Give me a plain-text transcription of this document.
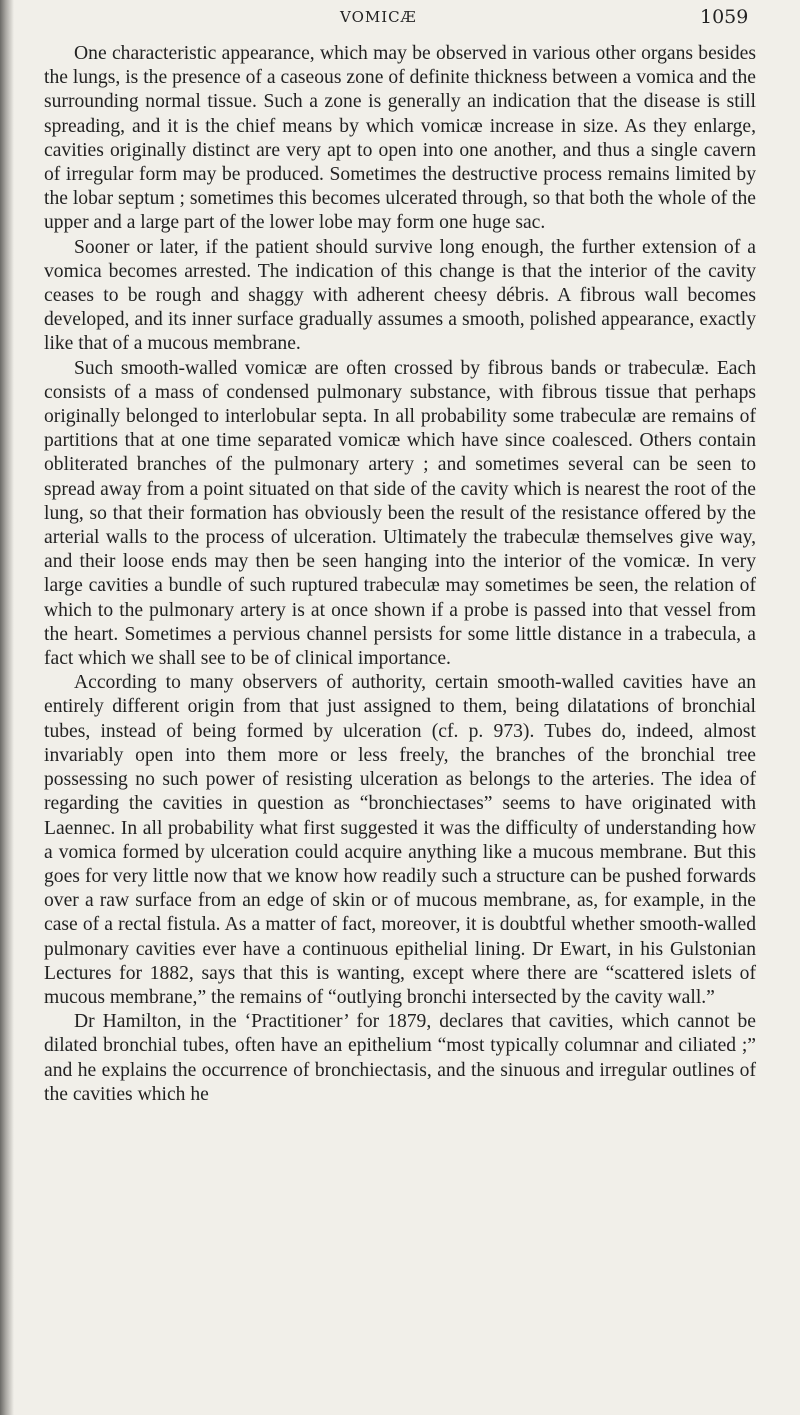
VOMICÆ	1059

One characteristic appearance, which may be observed in various other organs besides the lungs, is the presence of a caseous zone of definite thickness between a vomica and the surrounding normal tissue. Such a zone is generally an indication that the disease is still spreading, and it is the chief means by which vomicæ increase in size. As they enlarge, cavities originally distinct are very apt to open into one another, and thus a single cavern of irregular form may be produced. Sometimes the destructive process remains limited by the lobar septum ; sometimes this becomes ulcerated through, so that both the whole of the upper and a large part of the lower lobe may form one huge sac.

Sooner or later, if the patient should survive long enough, the further extension of a vomica becomes arrested. The indication of this change is that the interior of the cavity ceases to be rough and shaggy with adherent cheesy débris. A fibrous wall becomes developed, and its inner surface gradually assumes a smooth, polished appearance, exactly like that of a mucous membrane.

Such smooth-walled vomicæ are often crossed by fibrous bands or trabeculæ. Each consists of a mass of condensed pulmonary substance, with fibrous tissue that perhaps originally belonged to interlobular septa. In all probability some trabeculæ are remains of partitions that at one time separated vomicæ which have since coalesced. Others contain obliterated branches of the pulmonary artery ; and sometimes several can be seen to spread away from a point situated on that side of the cavity which is nearest the root of the lung, so that their formation has obviously been the result of the resistance offered by the arterial walls to the process of ulceration. Ultimately the trabeculæ themselves give way, and their loose ends may then be seen hanging into the interior of the vomicæ. In very large cavities a bundle of such ruptured trabeculæ may sometimes be seen, the relation of which to the pulmonary artery is at once shown if a probe is passed into that vessel from the heart. Sometimes a pervious channel persists for some little distance in a trabecula, a fact which we shall see to be of clinical importance.

According to many observers of authority, certain smooth-walled cavities have an entirely different origin from that just assigned to them, being dilatations of bronchial tubes, instead of being formed by ulceration (cf. p. 973). Tubes do, indeed, almost invariably open into them more or less freely, the branches of the bronchial tree possessing no such power of resisting ulceration as belongs to the arteries. The idea of regarding the cavities in question as “bronchiectases” seems to have originated with Laennec. In all probability what first suggested it was the difficulty of understanding how a vomica formed by ulceration could acquire anything like a mucous membrane. But this goes for very little now that we know how readily such a structure can be pushed forwards over a raw surface from an edge of skin or of mucous membrane, as, for example, in the case of a rectal fistula. As a matter of fact, moreover, it is doubtful whether smooth-walled pulmonary cavities ever have a continuous epithelial lining. Dr Ewart, in his Gulstonian Lectures for 1882, says that this is wanting, except where there are “scattered islets of mucous membrane,” the remains of “outlying bronchi intersected by the cavity wall.”

Dr Hamilton, in the ‘Practitioner’ for 1879, declares that cavities, which cannot be dilated bronchial tubes, often have an epithelium “most typically columnar and ciliated ;” and he explains the occurrence of bronchiectasis, and the sinuous and irregular outlines of the cavities which he
